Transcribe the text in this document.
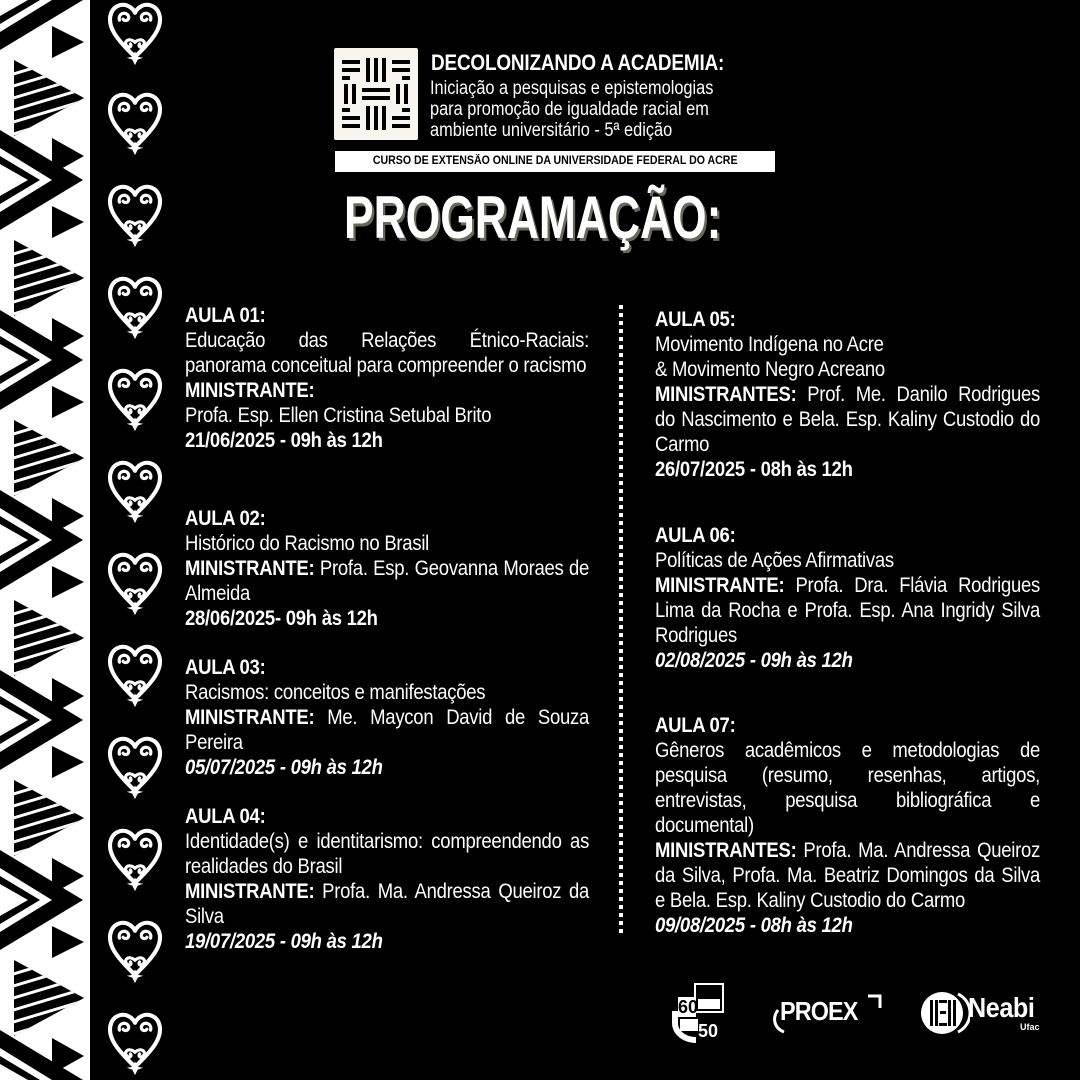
DECOLONIZANDO A ACADEMIA:
Iniciação a pesquisas e epistemologias
para promoção de igualdade racial em
ambiente universitário - 5ª edição
CURSO DE EXTENSÃO ONLINE DA UNIVERSIDADE FEDERAL DO ACRE
PROGRAMAÇÃO:
AULA 01:
Educação das Relações Étnico-Raciais: panorama conceitual para compreender o racismo
MINISTRANTE:
Profa. Esp. Ellen Cristina Setubal Brito
21/06/2025 - 09h às 12h
AULA 02:
Histórico do Racismo no Brasil
MINISTRANTE: Profa. Esp. Geovanna Moraes de Almeida
28/06/2025- 09h às 12h
AULA 03:
Racismos: conceitos e manifestações
MINISTRANTE: Me. Maycon David de Souza Pereira
05/07/2025 - 09h às 12h
AULA 04:
Identidade(s) e identitarismo: compreendendo as realidades do Brasil
MINISTRANTE: Profa. Ma. Andressa Queiroz da Silva
19/07/2025 - 09h às 12h
AULA 05:
Movimento Indígena no Acre
& Movimento Negro Acreano
MINISTRANTES: Prof. Me. Danilo Rodrigues do Nascimento e Bela. Esp. Kaliny Custodio do Carmo
26/07/2025 - 08h às 12h
AULA 06:
Políticas de Ações Afirmativas
MINISTRANTE: Profa. Dra. Flávia Rodrigues Lima da Rocha e Profa. Esp. Ana Ingridy Silva Rodrigues
02/08/2025 - 09h às 12h
AULA 07:
Gêneros acadêmicos e metodologias de pesquisa (resumo, resenhas, artigos, entrevistas, pesquisa bibliográfica e documental)
MINISTRANTES: Profa. Ma. Andressa Queiroz da Silva, Profa. Ma. Beatriz Domingos da Silva e Bela. Esp. Kaliny Custodio do Carmo
09/08/2025 - 08h às 12h
60
50
PROEX	Neabi
Ufac
